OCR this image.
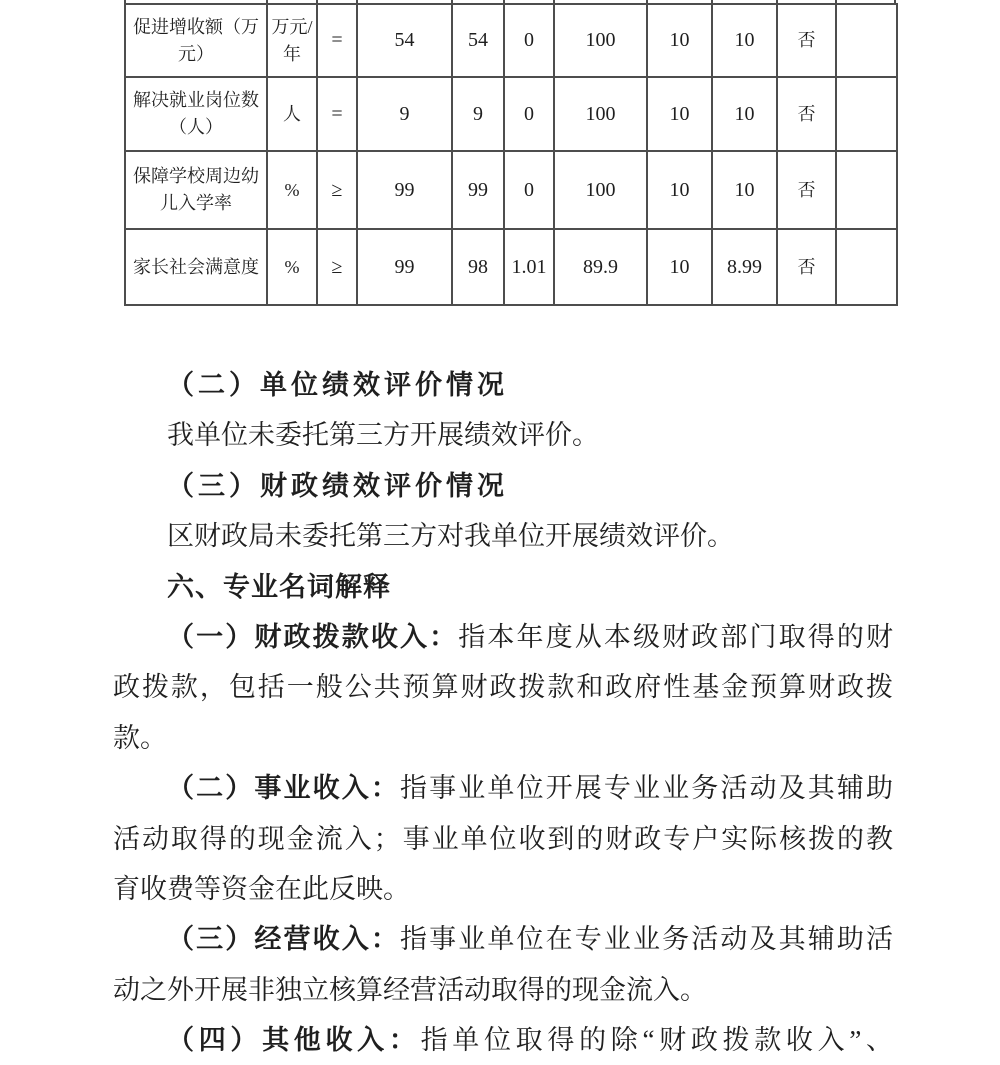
促进增收额（万元）	万元/年	=	54	54	0	100	10	10	否	
解决就业岗位数（人）	人	=	9	9	0	100	10	10	否	
保障学校周边幼儿入学率	%	≥	99	99	0	100	10	10	否	
家长社会满意度	%	≥	99	98	1.01	89.9	10	8.99	否	
（二）单位绩效评价情况
我单位未委托第三方开展绩效评价。
（三）财政绩效评价情况
区财政局未委托第三方对我单位开展绩效评价。
六、专业名词解释
（一）财政拨款收入：指本年度从本级财政部门取得的财
政拨款，包括一般公共预算财政拨款和政府性基金预算财政拨
款。
（二）事业收入：指事业单位开展专业业务活动及其辅助
活动取得的现金流入；事业单位收到的财政专户实际核拨的教
育收费等资金在此反映。
（三）经营收入：指事业单位在专业业务活动及其辅助活
动之外开展非独立核算经营活动取得的现金流入。
（四）其他收入：指单位取得的除“财政拨款收入”、
